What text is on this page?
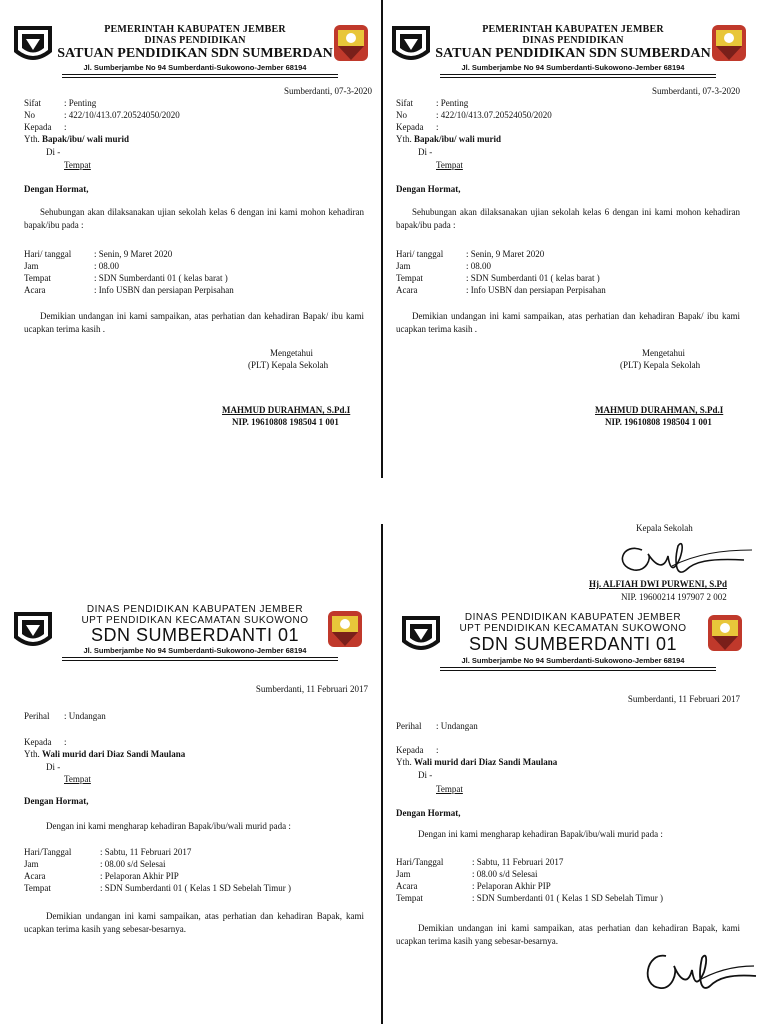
PEMERINTAH KABUPATEN JEMBER
DINAS PENDIDIKAN
SATUAN PENDIDIKAN SDN SUMBERDAN
Jl. Sumberjambe No 94 Sumberdanti-Sukowono-Jember 68194
Sumberdanti, 07-3-2020
Sifat	: Penting
No	: 422/10/413.07.20524050/2020
Kepada :
Yth. Bapak/ibu/ wali murid
Di -
Tempat
Dengan Hormat,
Sehubungan akan dilaksanakan ujian sekolah kelas 6 dengan ini kami mohon kehadiran bapak/ibu pada :
Hari/ tanggal	: Senin, 9 Maret 2020
Jam	: 08.00
Tempat	: SDN Sumberdanti 01 ( kelas barat )
Acara	: Info USBN dan persiapan Perpisahan
Demikian undangan ini kami sampaikan, atas perhatian dan kehadiran Bapak/ ibu kami ucapkan terima kasih .
Mengetahui
(PLT) Kepala Sekolah
MAHMUD DURAHMAN, S.Pd.I
NIP. 19610808 198504 1 001
PEMERINTAH KABUPATEN JEMBER
DINAS PENDIDIKAN
SATUAN PENDIDIKAN SDN SUMBERDAN
Jl. Sumberjambe No 94 Sumberdanti-Sukowono-Jember 68194
Sumberdanti, 07-3-2020
Sifat	: Penting
No	: 422/10/413.07.20524050/2020
Kepada :
Yth. Bapak/ibu/ wali murid
Di -
Tempat
Dengan Hormat,
Sehubungan akan dilaksanakan ujian sekolah kelas 6 dengan ini kami mohon kehadiran bapak/ibu pada :
Hari/ tanggal	: Senin, 9 Maret 2020
Jam	: 08.00
Tempat	: SDN Sumberdanti 01 ( kelas barat )
Acara	: Info USBN dan persiapan Perpisahan
Demikian undangan ini kami sampaikan, atas perhatian dan kehadiran Bapak/ ibu kami ucapkan terima kasih .
Mengetahui
(PLT) Kepala Sekolah
MAHMUD DURAHMAN, S.Pd.I
NIP. 19610808 198504 1 001
Kepala Sekolah
Hj. ALFIAH DWI PURWENI, S.Pd
NIP. 19600214 197907 2 002
DINAS PENDIDIKAN KABUPATEN JEMBER
UPT PENDIDIKAN KECAMATAN SUKOWONO
SDN SUMBERDANTI 01
Jl. Sumberjambe No 94 Sumberdanti-Sukowono-Jember 68194
Sumberdanti, 11 Februari 2017
Perihal : Undangan
Kepada :
Yth. Wali murid dari Diaz Sandi Maulana
Di -
Tempat
Dengan Hormat,
Dengan ini kami mengharap kehadiran Bapak/ibu/wali murid pada :
Hari/Tanggal	: Sabtu, 11 Februari 2017
Jam	: 08.00 s/d Selesai
Acara	: Pelaporan Akhir PIP
Tempat	: SDN Sumberdanti 01 ( Kelas 1 SD Sebelah Timur )
Demikian undangan ini kami sampaikan, atas perhatian dan kehadiran Bapak, kami ucapkan terima kasih yang sebesar-besarnya.
DINAS PENDIDIKAN KABUPATEN JEMBER
UPT PENDIDIKAN KECAMATAN SUKOWONO
SDN SUMBERDANTI 01
Jl. Sumberjambe No 94 Sumberdanti-Sukowono-Jember 68194
Sumberdanti, 11 Februari 2017
Perihal : Undangan
Kepada :
Yth. Wali murid dari Diaz Sandi Maulana
Di -
Tempat
Dengan Hormat,
Dengan ini kami mengharap kehadiran Bapak/ibu/wali murid pada :
Hari/Tanggal	: Sabtu, 11 Februari 2017
Jam	: 08.00 s/d Selesai
Acara	: Pelaporan Akhir PIP
Tempat	: SDN Sumberdanti 01 ( Kelas 1 SD Sebelah Timur )
Demikian undangan ini kami sampaikan, atas perhatian dan kehadiran Bapak, kami ucapkan terima kasih yang sebesar-besarnya.
